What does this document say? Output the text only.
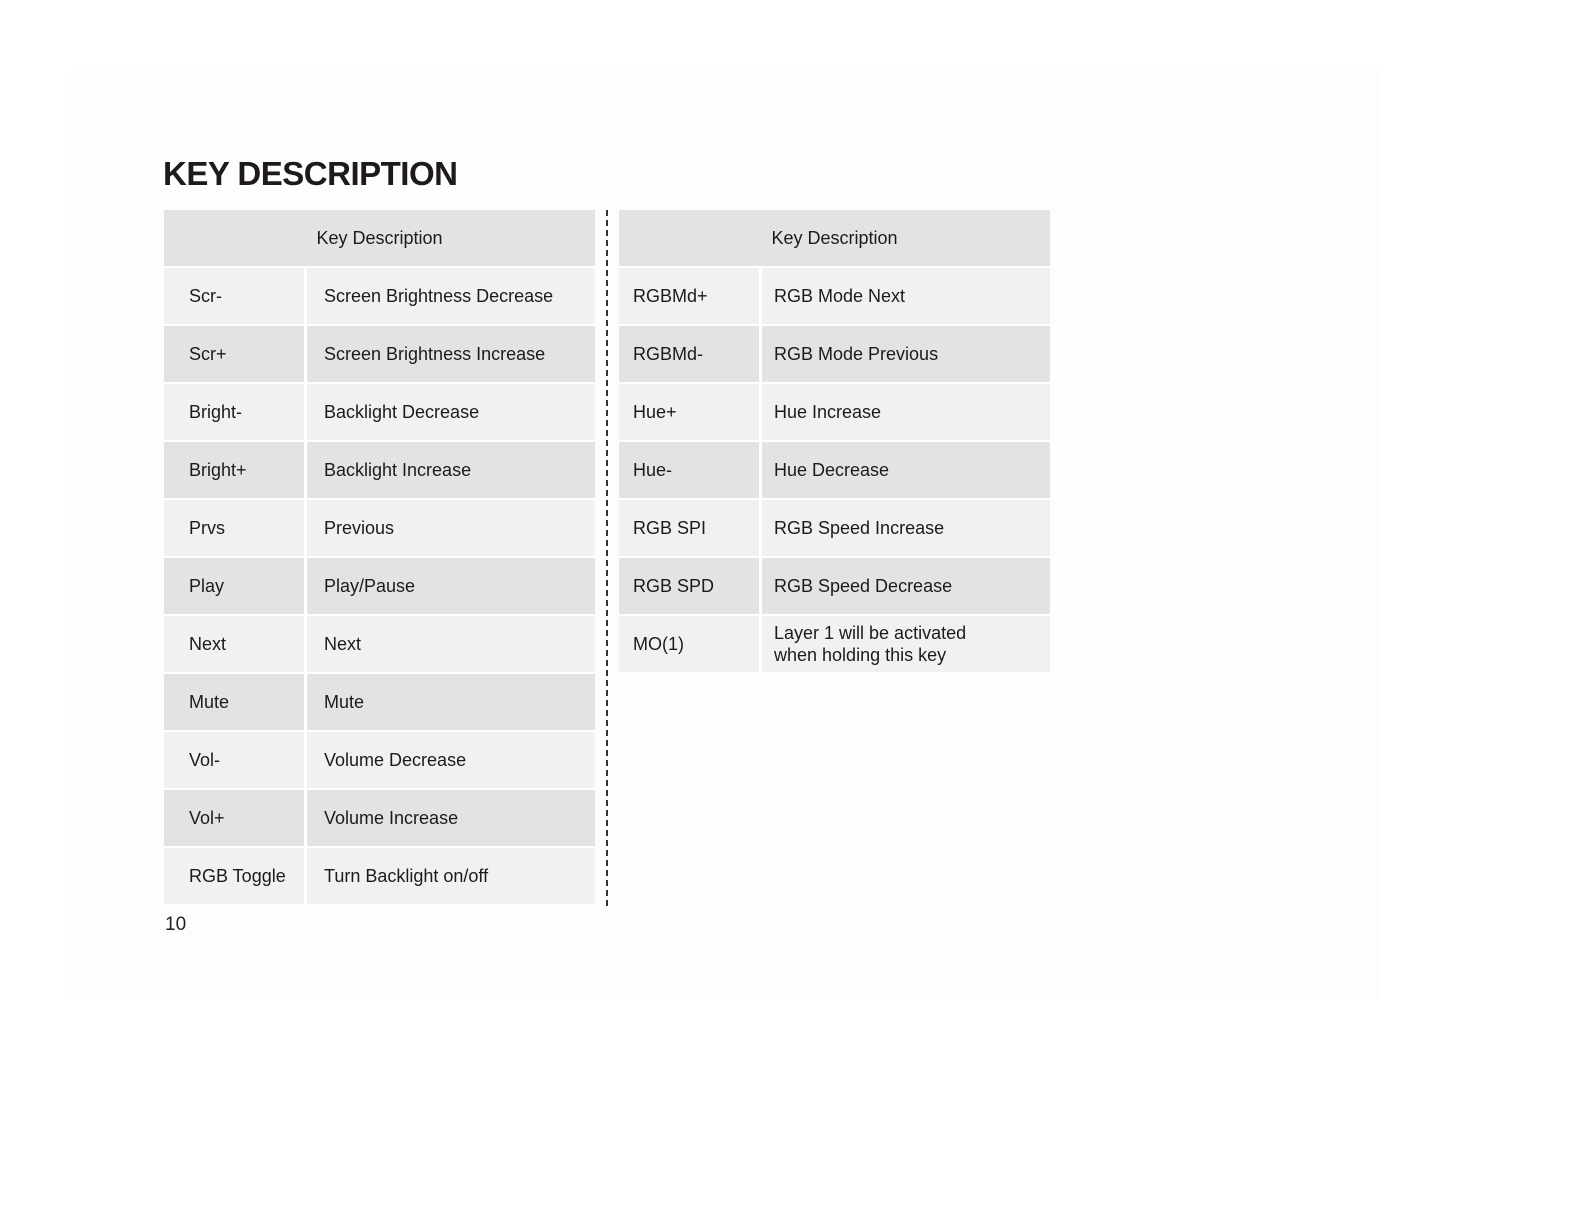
KEY DESCRIPTION
Key Description	
Scr-	Screen Brightness Decrease
Scr+	Screen Brightness Increase
Bright-	Backlight Decrease
Bright+	Backlight Increase
Prvs	Previous
Play	Play/Pause
Next	Next
Mute	Mute
Vol-	Volume Decrease
Vol+	Volume Increase
RGB Toggle	Turn Backlight on/off
Key Description	
RGBMd+	RGB Mode Next
RGBMd-	RGB Mode Previous
Hue+	Hue Increase
Hue-	Hue Decrease
RGB SPI	RGB Speed Increase
RGB SPD	RGB Speed Decrease
MO(1)	Layer 1 will be activated
when holding this key
10
